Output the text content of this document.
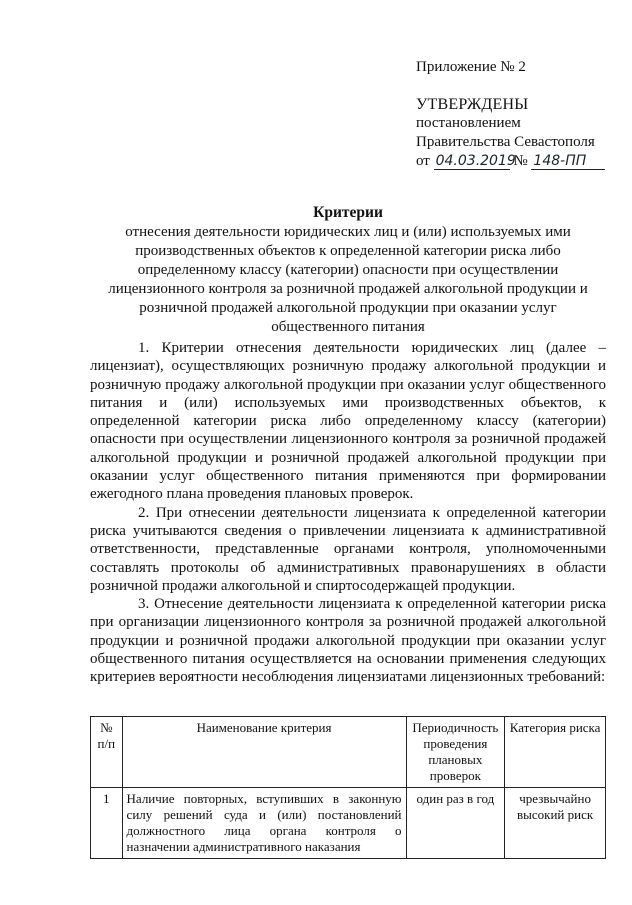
Приложение № 2
УТВЕРЖДЕНЫ
постановлением
Правительства Севастополя
от 04.03.2019 № 148-ПП
Критерии
отнесения деятельности юридических лиц и (или) используемых ими производственных объектов к определенной категории риска либо определенному классу (категории) опасности при осуществлении лицензионного контроля за розничной продажей алкогольной продукции и розничной продажей алкогольной продукции при оказании услуг общественного питания

1. Критерии отнесения деятельности юридических лиц (далее – лицензиат), осуществляющих розничную продажу алкогольной продукции и розничную продажу алкогольной продукции при оказании услуг общественного питания и (или) используемых ими производственных объектов, к определенной категории риска либо определенному классу (категории) опасности при осуществлении лицензионного контроля за розничной продажей алкогольной продукции и розничной продажей алкогольной продукции при оказании услуг общественного питания применяются при формировании ежегодного плана проведения плановых проверок.

2. При отнесении деятельности лицензиата к определенной категории риска учитываются сведения о привлечении лицензиата к административной ответственности, представленные органами контроля, уполномоченными составлять протоколы об административных правонарушениях в области розничной продажи алкогольной и спиртосодержащей продукции.

3. Отнесение деятельности лицензиата к определенной категории риска при организации лицензионного контроля за розничной продажей алкогольной продукции и розничной продажи алкогольной продукции при оказании услуг общественного питания осуществляется на основании применения следующих критериев вероятности несоблюдения лицензиатами лицензионных требований:

№ п/п	Наименование критерия	Периодичность проведения плановых проверок	Категория риска
1	Наличие повторных, вступивших в законную силу решений суда и (или) постановлений должностного лица органа контроля о назначении административного наказания	один раз в год	чрезвычайно высокий риск
